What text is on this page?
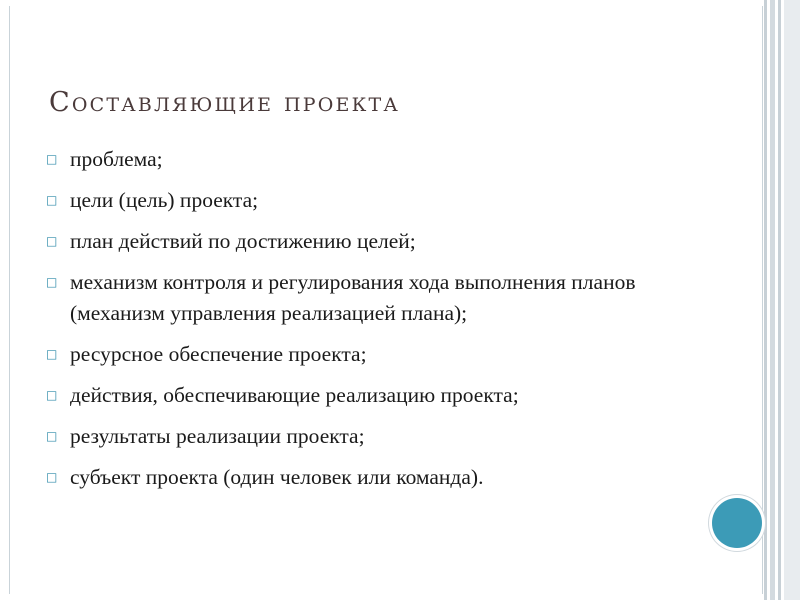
Составляющие проекта
□ проблема;
□ цели (цель) проекта;
□ план действий по достижению целей;
□ механизм контроля и регулирования хода выполнения планов (механизм управления реализацией плана);
□ ресурсное обеспечение проекта;
□ действия, обеспечивающие реализацию проекта;
□ результаты реализации проекта;
□ субъект проекта (один человек или команда).
